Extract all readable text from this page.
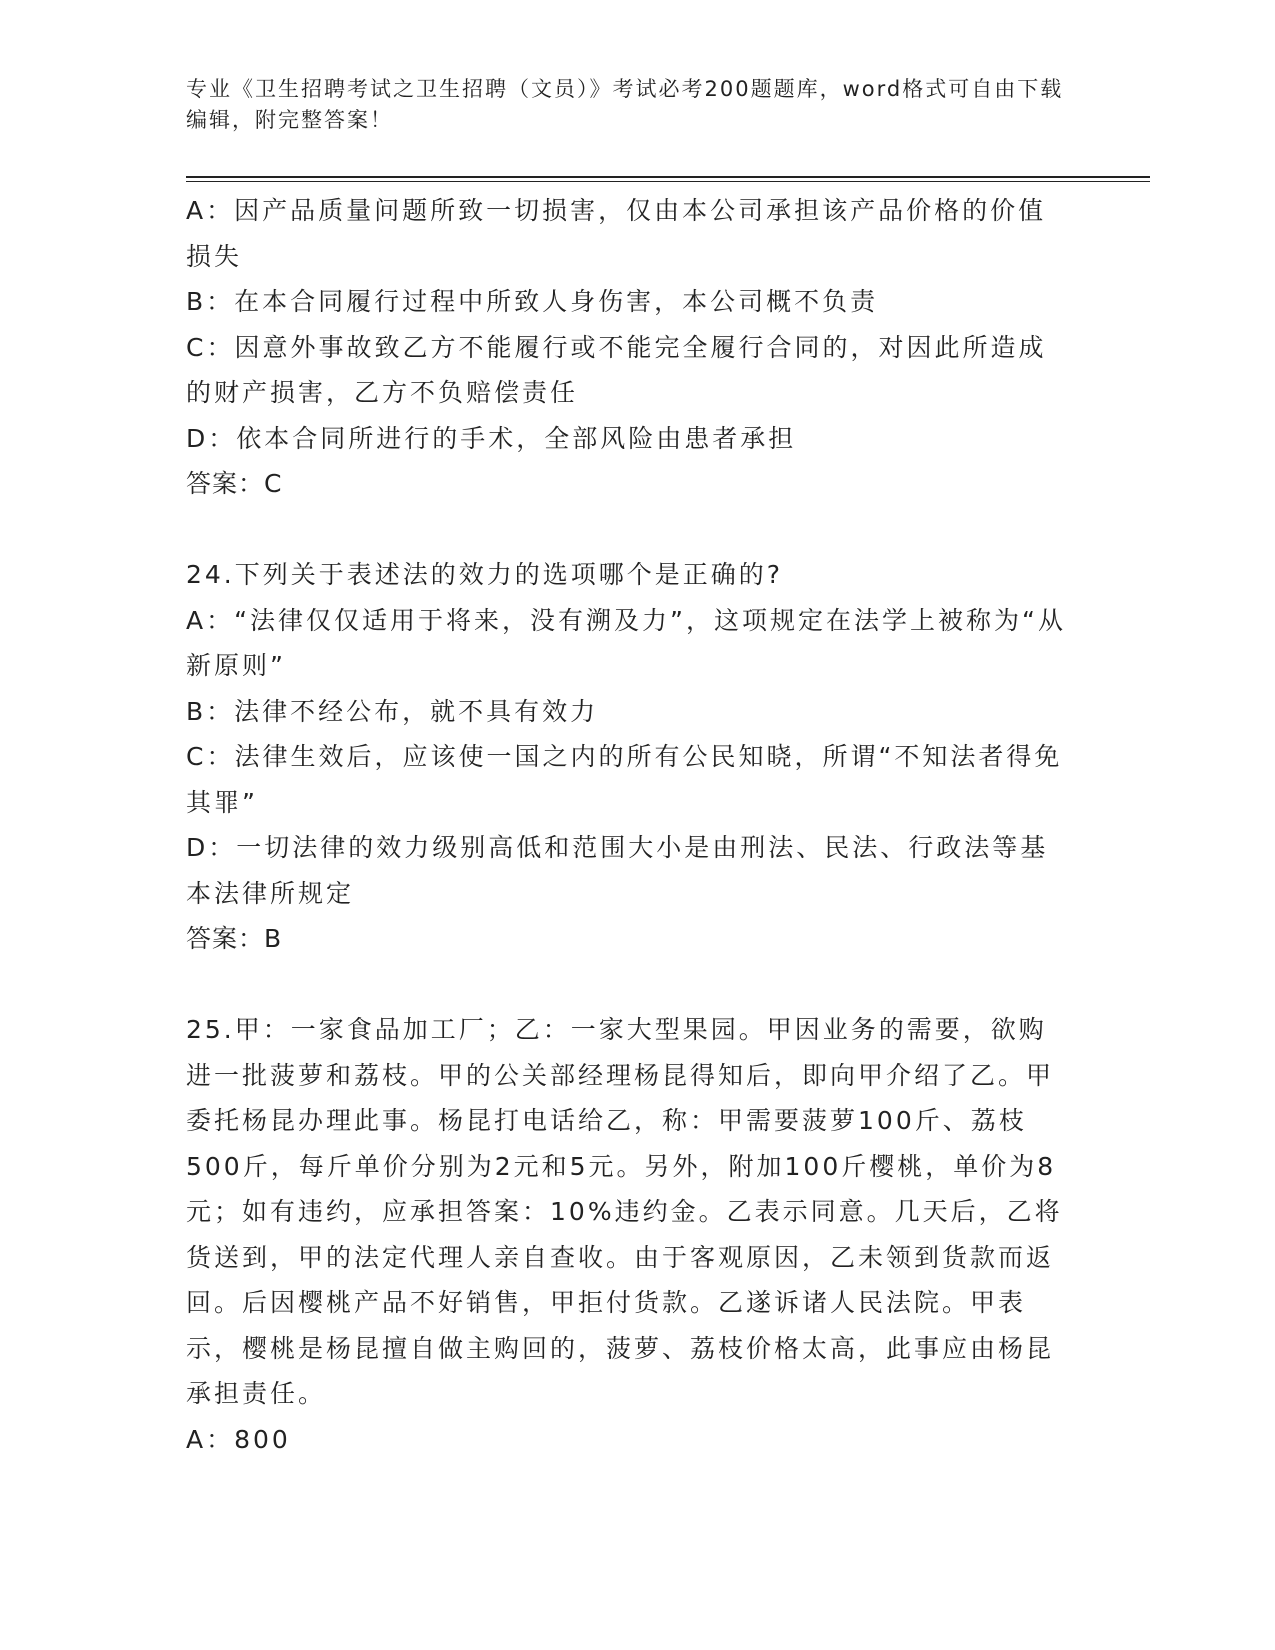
专业《卫生招聘考试之卫生招聘（文员）》考试必考200题题库，word格式可自由下载编辑，附完整答案！

A：因产品质量问题所致一切损害，仅由本公司承担该产品价格的价值损失

B：在本合同履行过程中所致人身伤害，本公司概不负责

C：因意外事故致乙方不能履行或不能完全履行合同的，对因此所造成的财产损害，乙方不负赔偿责任

D：依本合同所进行的手术，全部风险由患者承担

答案：C

24.下列关于表述法的效力的选项哪个是正确的?

A：“法律仅仅适用于将来，没有溯及力”，这项规定在法学上被称为“从新原则”

B：法律不经公布，就不具有效力

C：法律生效后，应该使一国之内的所有公民知晓，所谓“不知法者得免其罪”

D：一切法律的效力级别高低和范围大小是由刑法、民法、行政法等基本法律所规定

答案：B

25.甲：一家食品加工厂；乙：一家大型果园。甲因业务的需要，欲购进一批菠萝和荔枝。甲的公关部经理杨昆得知后，即向甲介绍了乙。甲委托杨昆办理此事。杨昆打电话给乙，称：甲需要菠萝100斤、荔枝500斤，每斤单价分别为2元和5元。另外，附加100斤樱桃，单价为8元；如有违约，应承担答案：10%违约金。乙表示同意。几天后，乙将货送到，甲的法定代理人亲自查收。由于客观原因，乙未领到货款而返回。后因樱桃产品不好销售，甲拒付货款。乙遂诉诸人民法院。甲表示，樱桃是杨昆擅自做主购回的，菠萝、荔枝价格太高，此事应由杨昆承担责任。

A：800
